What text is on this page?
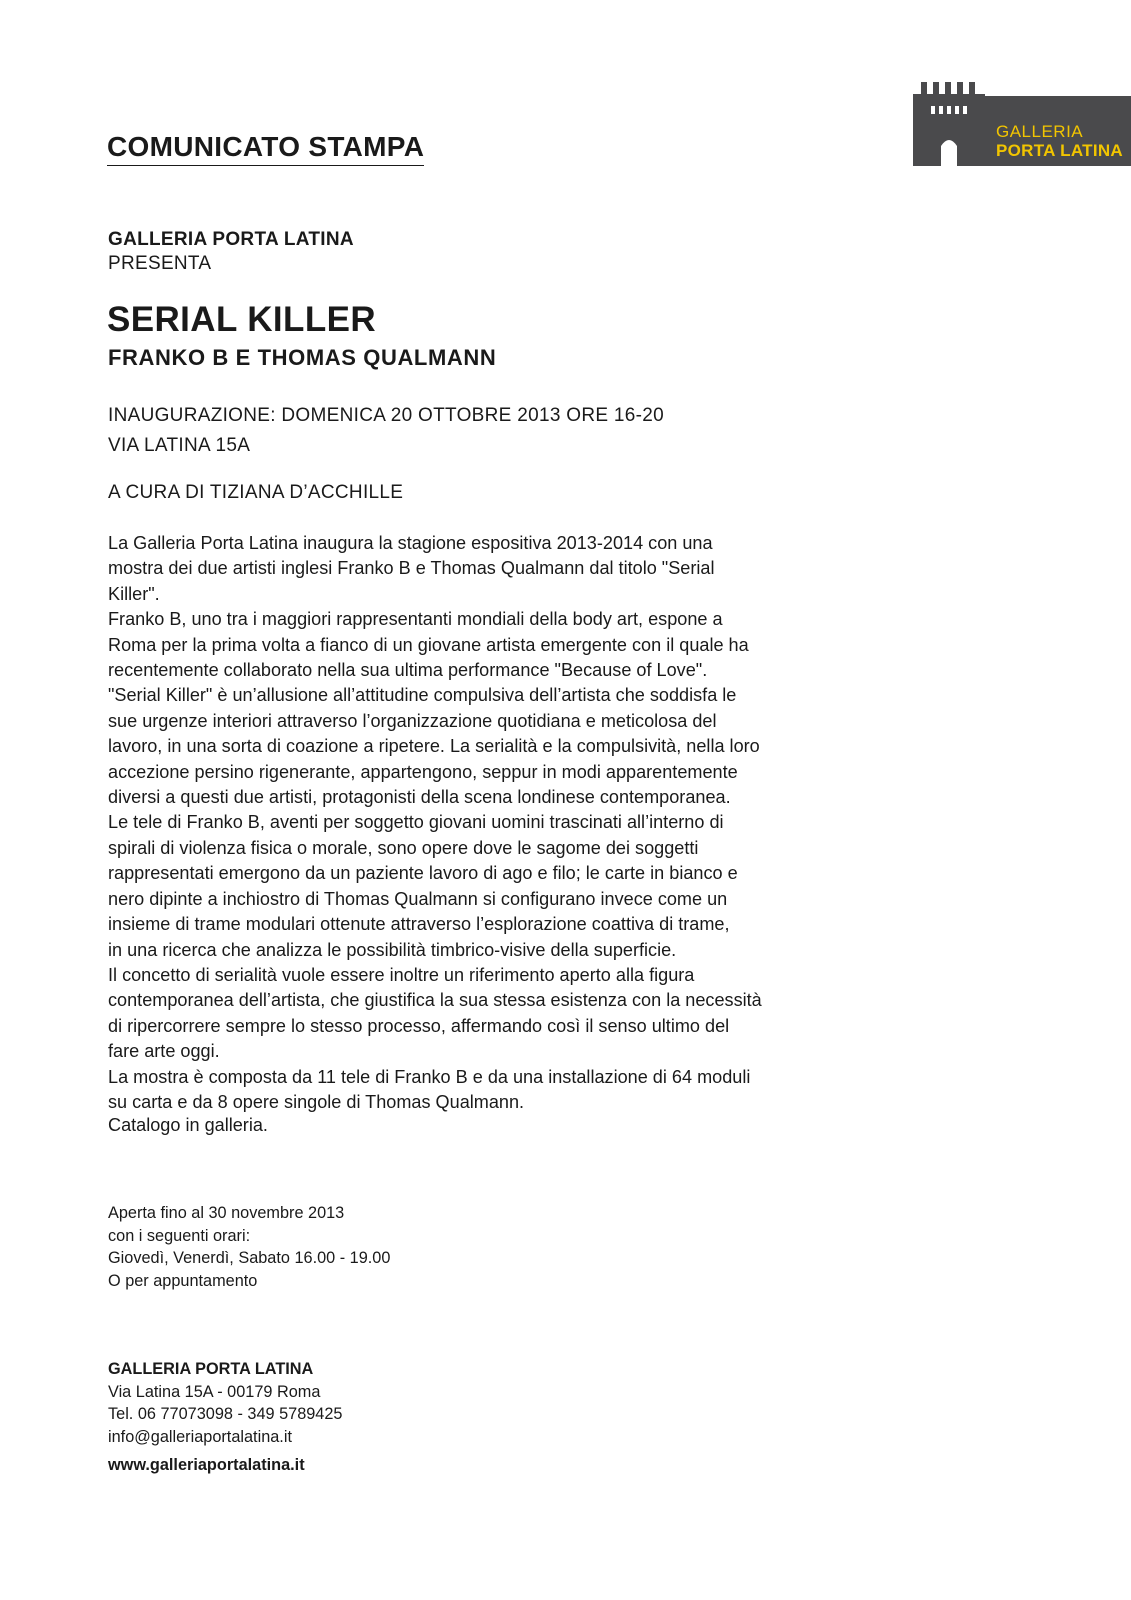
COMUNICATO STAMPA	GALLERIA
PORTA LATINA
GALLERIA PORTA LATINA
PRESENTA
SERIAL KILLER
FRANKO B E THOMAS QUALMANN
INAUGURAZIONE: DOMENICA 20 OTTOBRE 2013 ORE 16-20
VIA LATINA 15A
A CURA DI TIZIANA D’ACCHILLE

La Galleria Porta Latina inaugura la stagione espositiva 2013-2014 con una

mostra dei due artisti inglesi Franko B e Thomas Qualmann dal titolo "Serial

Killer".

Franko B, uno tra i maggiori rappresentanti mondiali della body art, espone a

Roma per la prima volta a fianco di un giovane artista emergente con il quale ha

recentemente collaborato nella sua ultima performance "Because of Love".

"Serial Killer" è un’allusione all’attitudine compulsiva dell’artista che soddisfa le

sue urgenze interiori attraverso l’organizzazione quotidiana e meticolosa del

lavoro, in una sorta di coazione a ripetere. La serialità e la compulsività, nella loro

accezione persino rigenerante, appartengono, seppur in modi apparentemente

diversi a questi due artisti, protagonisti della scena londinese contemporanea.

Le tele di Franko B, aventi per soggetto giovani uomini trascinati all’interno di

spirali di violenza fisica o morale, sono opere dove le sagome dei soggetti

rappresentati emergono da un paziente lavoro di ago e filo; le carte in bianco e

nero dipinte a inchiostro di Thomas Qualmann si configurano invece come un

insieme di trame modulari ottenute attraverso l’esplorazione coattiva di trame,

in una ricerca che analizza le possibilità timbrico-visive della superficie.

Il concetto di serialità vuole essere inoltre un riferimento aperto alla figura

contemporanea dell’artista, che giustifica la sua stessa esistenza con la necessità

di ripercorrere sempre lo stesso processo, affermando così il senso ultimo del

fare arte oggi.

La mostra è composta da 11 tele di Franko B e da una installazione di 64 moduli

su carta e da 8 opere singole di Thomas Qualmann.

Catalogo in galleria.
Aperta fino al 30 novembre 2013
con i seguenti orari:
Giovedì, Venerdì, Sabato 16.00 - 19.00
O per appuntamento
GALLERIA PORTA LATINA
Via Latina 15A - 00179 Roma
Tel. 06 77073098 - 349 5789425
info@galleriaportalatina.it
www.galleriaportalatina.it
